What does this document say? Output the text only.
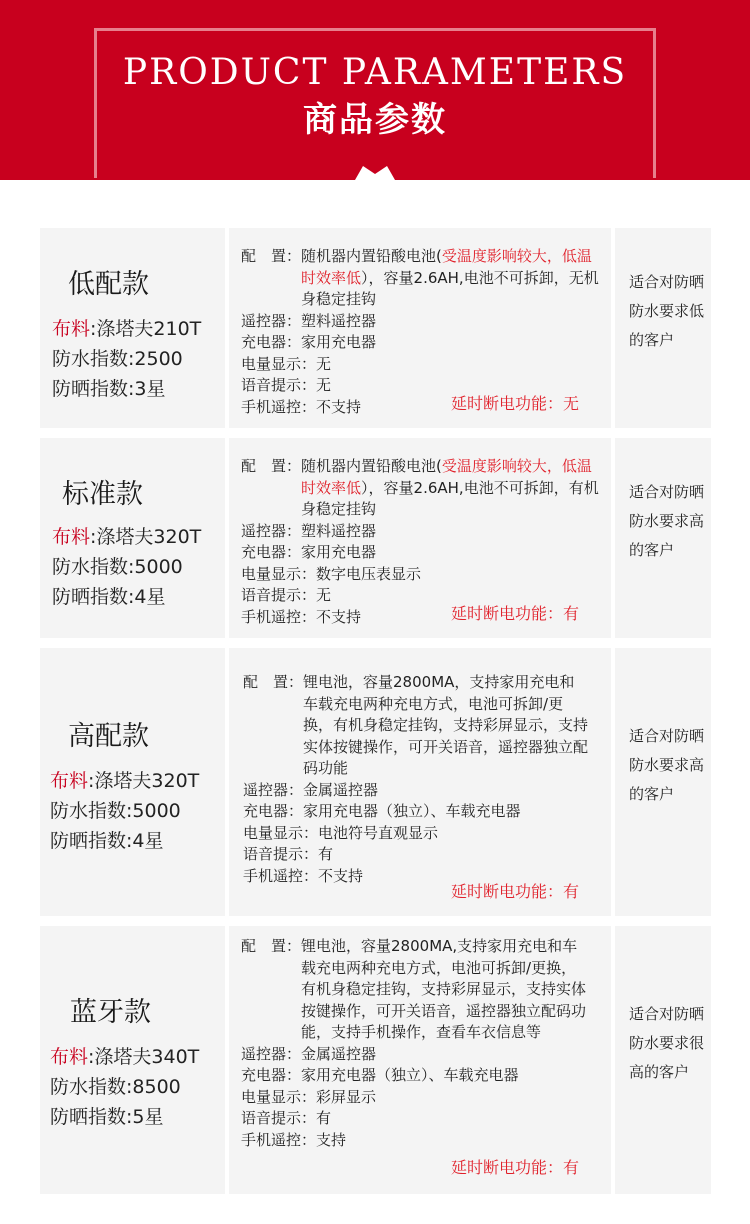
PRODUCT PARAMETERS
商品参数
低配款
布料:涤塔夫210T
防水指数:2500
防晒指数:3星
配　置： 随机器内置铅酸电池(受温度影响较大，低温时效率低），容量2.6AH,电池不可拆卸，无机身稳定挂钩
遥控器： 塑料遥控器
充电器： 家用充电器
电量显示： 无
语音提示： 无
手机遥控： 不支持	延时断电功能：无
适合对防晒防水要求低的客户
标准款
布料:涤塔夫320T
防水指数:5000
防晒指数:4星
配　置： 随机器内置铅酸电池(受温度影响较大，低温时效率低），容量2.6AH,电池不可拆卸，有机身稳定挂钩
遥控器： 塑料遥控器
充电器： 家用充电器
电量显示： 数字电压表显示
语音提示： 无
手机遥控： 不支持	延时断电功能：有
适合对防晒防水要求高的客户
高配款
布料:涤塔夫320T
防水指数:5000
防晒指数:4星
配　置： 锂电池，容量2800MA，支持家用充电和车载充电两种充电方式，电池可拆卸/更换，有机身稳定挂钩，支持彩屏显示，支持实体按键操作，可开关语音，遥控器独立配码功能
遥控器： 金属遥控器
充电器： 家用充电器（独立）、车载充电器
电量显示： 电池符号直观显示
语音提示： 有
手机遥控： 不支持
延时断电功能：有
适合对防晒防水要求高的客户
蓝牙款
布料:涤塔夫340T
防水指数:8500
防晒指数:5星
配　置： 锂电池，容量2800MA,支持家用充电和车载充电两种充电方式，电池可拆卸/更换，有机身稳定挂钩，支持彩屏显示，支持实体按键操作，可开关语音，遥控器独立配码功能，支持手机操作，查看车衣信息等
遥控器： 金属遥控器
充电器： 家用充电器（独立）、车载充电器
电量显示： 彩屏显示
语音提示： 有
手机遥控： 支持
延时断电功能：有
适合对防晒防水要求很高的客户
